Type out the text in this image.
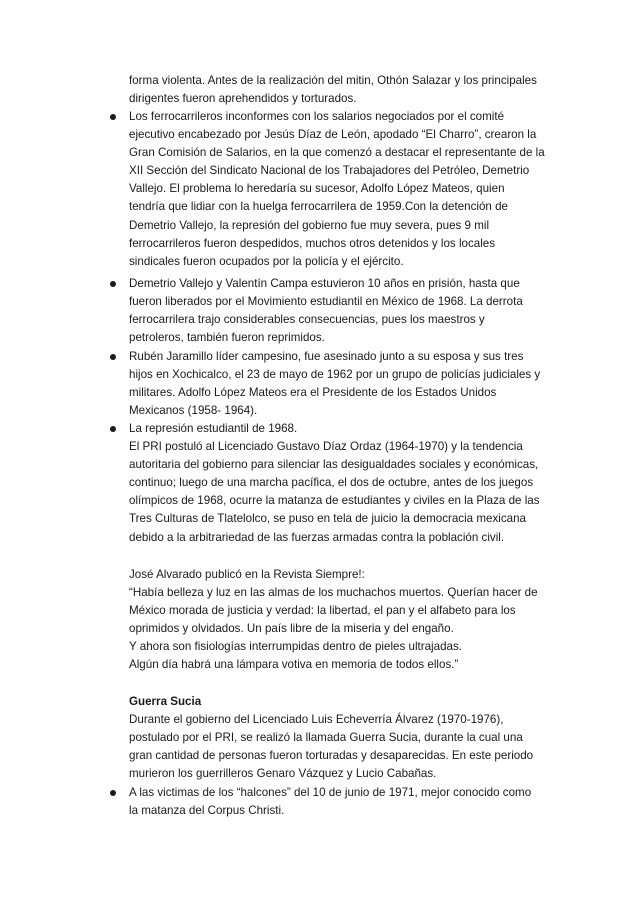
forma violenta. Antes de la realización del mitin, Othón Salazar y los principales
dirigentes fueron aprehendidos y torturados.
Los ferrocarrileros inconformes con los salarios negociados por el comité
ejecutivo encabezado por Jesús Díaz de León, apodado “El Charro”, crearon la
Gran Comisión de Salarios, en la que comenzó a destacar el representante de la
XII Sección del Sindicato Nacional de los Trabajadores del Petróleo, Demetrio
Vallejo. El problema lo heredaría su sucesor, Adolfo López Mateos, quien
tendría que lidiar con la huelga ferrocarrilera de 1959.Con la detención de
Demetrio Vallejo, la represión del gobierno fue muy severa, pues 9 mil
ferrocarrileros fueron despedidos, muchos otros detenidos y los locales
sindicales fueron ocupados por la policía y el ejército.
Demetrio Vallejo y Valentín Campa estuvieron 10 años en prisión, hasta que
fueron liberados por el Movimiento estudiantil en México de 1968. La derrota
ferrocarrilera trajo considerables consecuencias, pues los maestros y
petroleros, también fueron reprimidos.
Rubén Jaramillo líder campesino, fue asesinado junto a su esposa y sus tres
hijos en Xochicalco, el 23 de mayo de 1962 por un grupo de policías judiciales y
militares. Adolfo López Mateos era el Presidente de los Estados Unidos
Mexicanos (1958- 1964).
La represión estudiantil de 1968.
El PRI postuló al Licenciado Gustavo Díaz Ordaz (1964-1970) y la tendencia
autoritaria del gobierno para silenciar las desigualdades sociales y económicas,
continuo; luego de una marcha pacífica, el dos de octubre, antes de los juegos
olímpicos de 1968, ocurre la matanza de estudiantes y civiles en la Plaza de las
Tres Culturas de Tlatelolco, se puso en tela de juicio la democracia mexicana
debido a la arbitrariedad de las fuerzas armadas contra la población civil.
José Alvarado publicó en la Revista Siempre!:
“Había belleza y luz en las almas de los muchachos muertos. Querían hacer de
México morada de justicia y verdad: la libertad, el pan y el alfabeto para los
oprimidos y olvidados. Un país libre de la miseria y del engaño.
Y ahora son fisiologías interrumpidas dentro de pieles ultrajadas.
Algún día habrá una lámpara votiva en memoria de todos ellos.”
Guerra Sucia
Durante el gobierno del Licenciado Luis Echeverría Álvarez (1970-1976),
postulado por el PRI, se realizó la llamada Guerra Sucia, durante la cual una
gran cantidad de personas fueron torturadas y desaparecidas. En este periodo
murieron los guerrilleros Genaro Vázquez y Lucio Cabañas.
A las victimas de los “halcones” del 10 de junio de 1971, mejor conocido como
la matanza del Corpus Christi.
